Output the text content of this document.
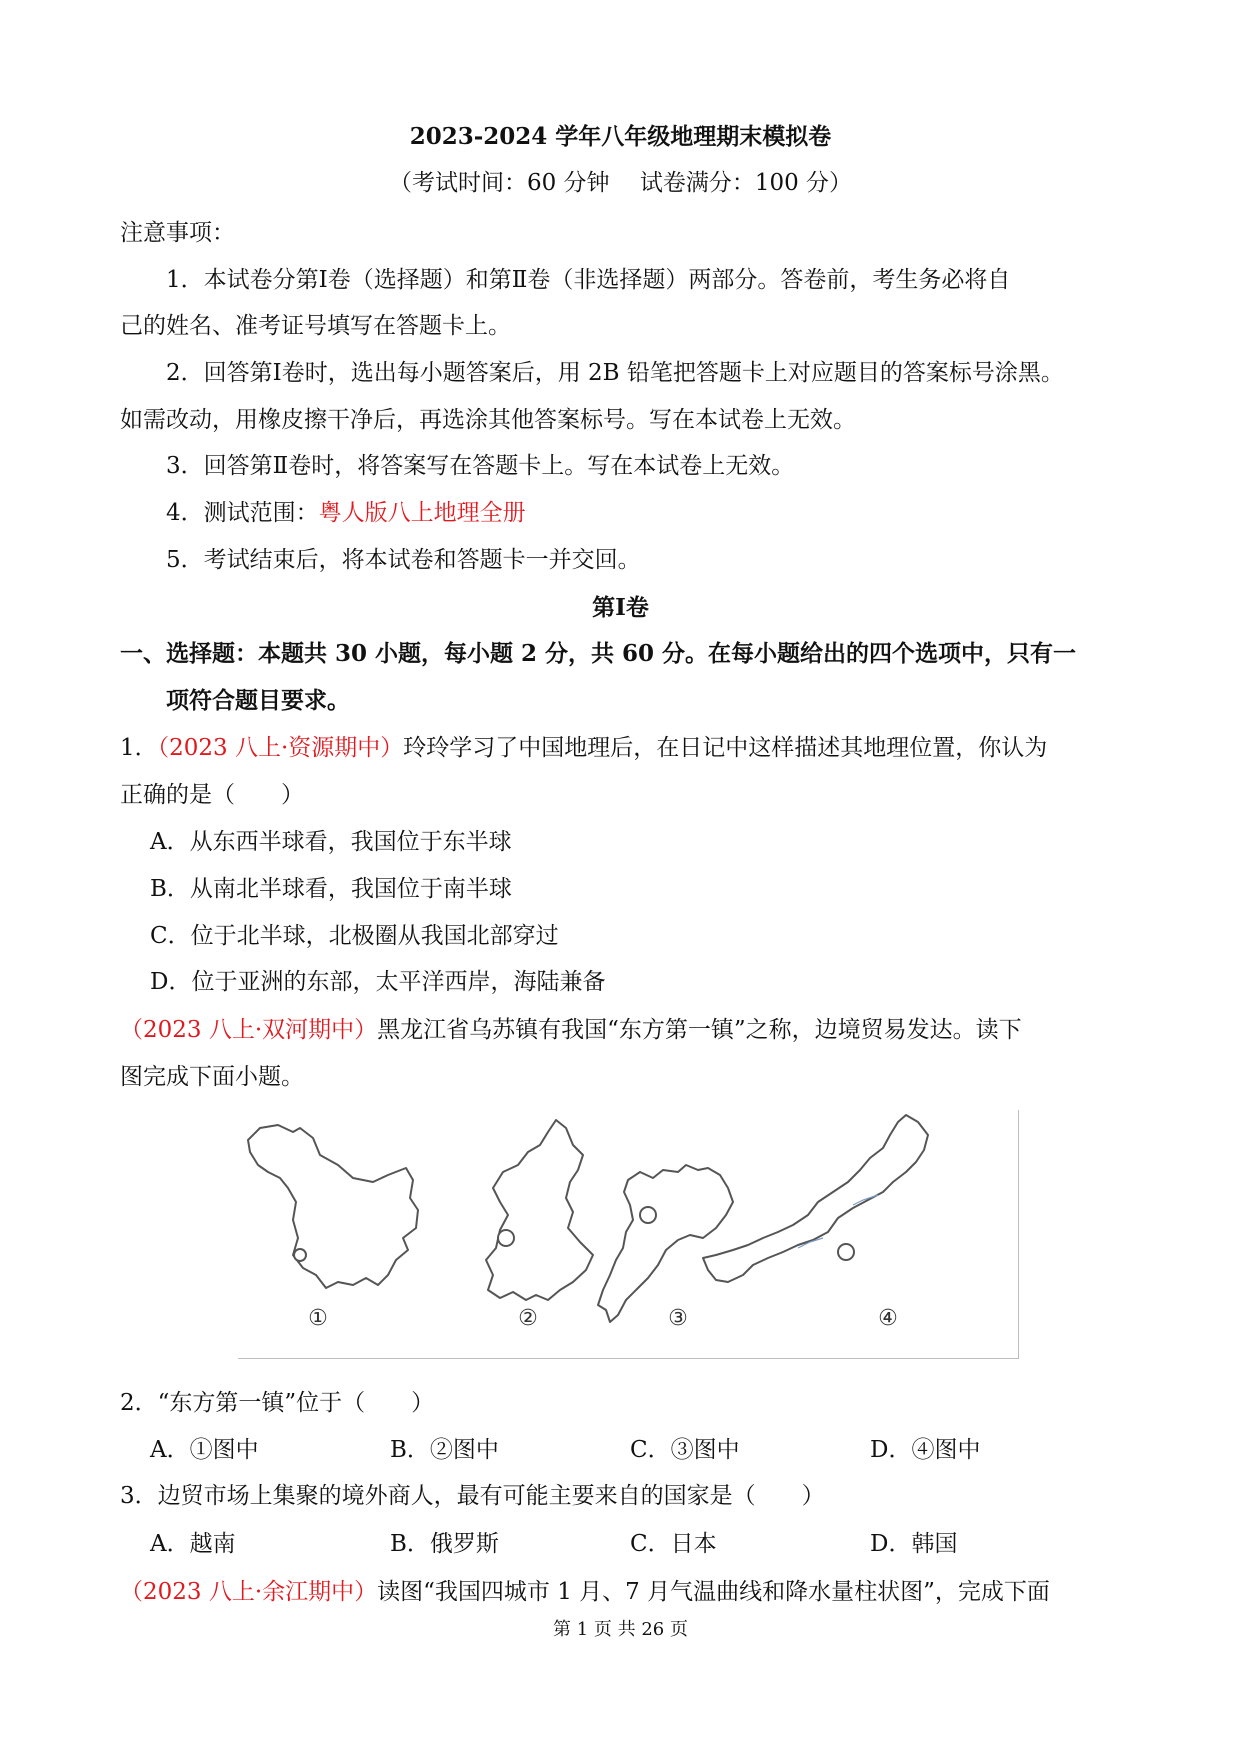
2023-2024 学年八年级地理期末模拟卷
（考试时间：60 分钟　 试卷满分：100 分）
注意事项：
1．本试卷分第Ⅰ卷（选择题）和第Ⅱ卷（非选择题）两部分。答卷前，考生务必将自
己的姓名、准考证号填写在答题卡上。
2．回答第Ⅰ卷时，选出每小题答案后，用 2B 铅笔把答题卡上对应题目的答案标号涂黑。
如需改动，用橡皮擦干净后，再选涂其他答案标号。写在本试卷上无效。
3．回答第Ⅱ卷时，将答案写在答题卡上。写在本试卷上无效。
4．测试范围：粤人版八上地理全册
5．考试结束后，将本试卷和答题卡一并交回。
第Ⅰ卷
一、选择题：本题共 30 小题，每小题 2 分，共 60 分。在每小题给出的四个选项中，只有一
项符合题目要求。
1．（2023 八上·资源期中）玲玲学习了中国地理后，在日记中这样描述其地理位置，你认为
正确的是（　　）
A．从东西半球看，我国位于东半球
B．从南北半球看，我国位于南半球
C．位于北半球，北极圈从我国北部穿过
D．位于亚洲的东部，太平洋西岸，海陆兼备
（2023 八上·双河期中）黑龙江省乌苏镇有我国“东方第一镇”之称，边境贸易发达。读下
图完成下面小题。
①	②	③	④
2．“东方第一镇”位于（　　）
A．①图中	B．②图中	C．③图中	D．④图中
3．边贸市场上集聚的境外商人，最有可能主要来自的国家是（　　）
A．越南	B．俄罗斯	C．日本	D．韩国
（2023 八上·余江期中）读图“我国四城市 1 月、7 月气温曲线和降水量柱状图”，完成下面
第 1 页 共 26 页
